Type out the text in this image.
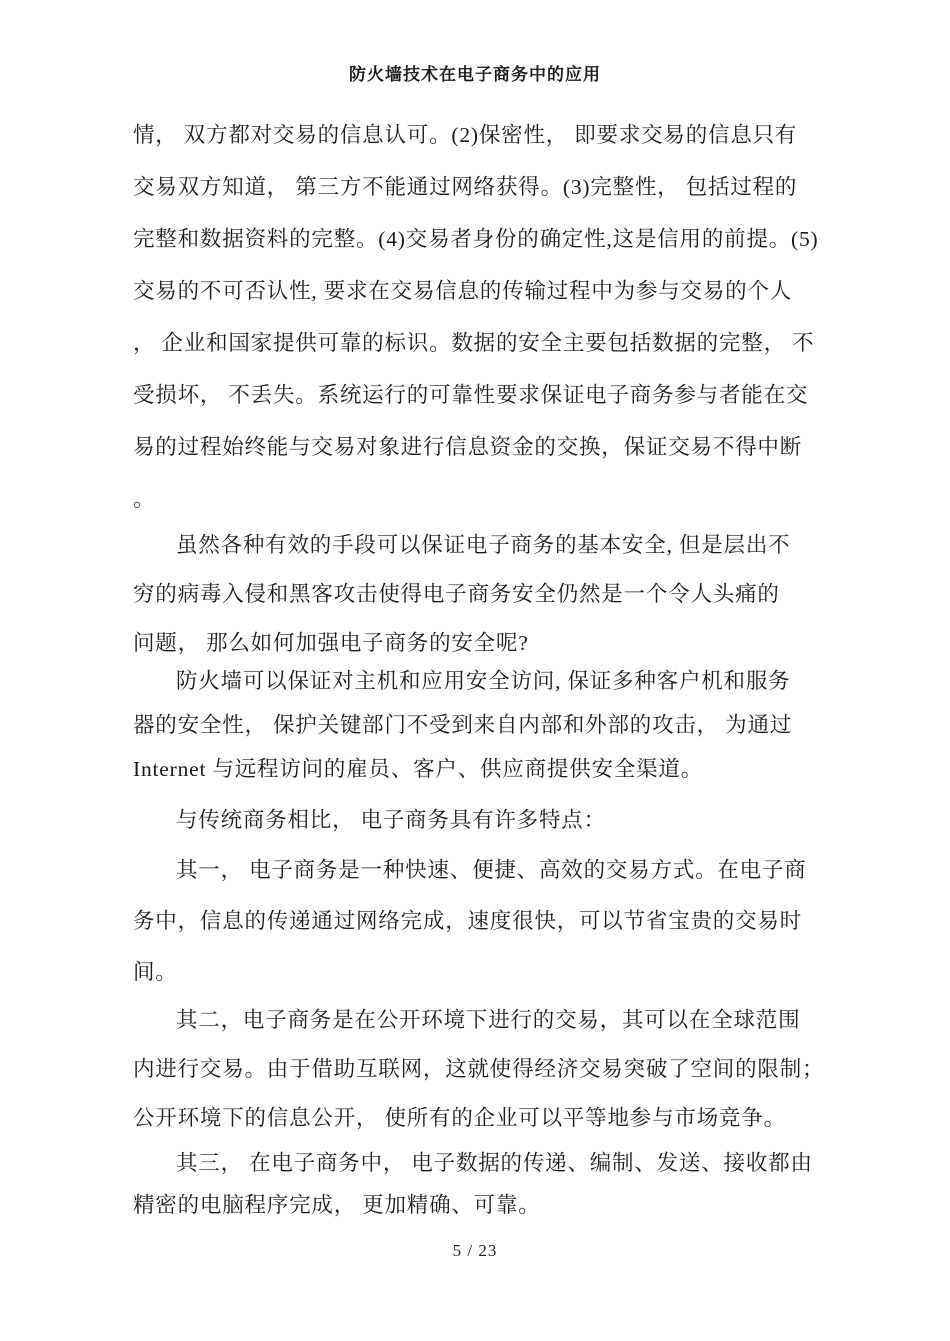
防火墙技术在电子商务中的应用
情， 双方都对交易的信息认可。(2)保密性， 即要求交易的信息只有
交易双方知道， 第三方不能通过网络获得。(3)完整性， 包括过程的
完整和数据资料的完整。(4)交易者身份的确定性,这是信用的前提。(5)
交易的不可否认性, 要求在交易信息的传输过程中为参与交易的个人
， 企业和国家提供可靠的标识。数据的安全主要包括数据的完整， 不
受损坏， 不丢失。系统运行的可靠性要求保证电子商务参与者能在交
易的过程始终能与交易对象进行信息资金的交换，保证交易不得中断
。
虽然各种有效的手段可以保证电子商务的基本安全, 但是层出不
穷的病毒入侵和黑客攻击使得电子商务安全仍然是一个令人头痛的
问题， 那么如何加强电子商务的安全呢?
防火墙可以保证对主机和应用安全访问, 保证多种客户机和服务
器的安全性， 保护关键部门不受到来自内部和外部的攻击， 为通过
Internet 与远程访问的雇员、客户、供应商提供安全渠道。
与传统商务相比， 电子商务具有许多特点：
其一， 电子商务是一种快速、便捷、高效的交易方式。在电子商
务中，信息的传递通过网络完成，速度很快，可以节省宝贵的交易时
间。
其二，电子商务是在公开环境下进行的交易，其可以在全球范围
内进行交易。由于借助互联网，这就使得经济交易突破了空间的限制；
公开环境下的信息公开， 使所有的企业可以平等地参与市场竞争。
其三， 在电子商务中， 电子数据的传递、编制、发送、接收都由
精密的电脑程序完成， 更加精确、可靠。
5 / 23
